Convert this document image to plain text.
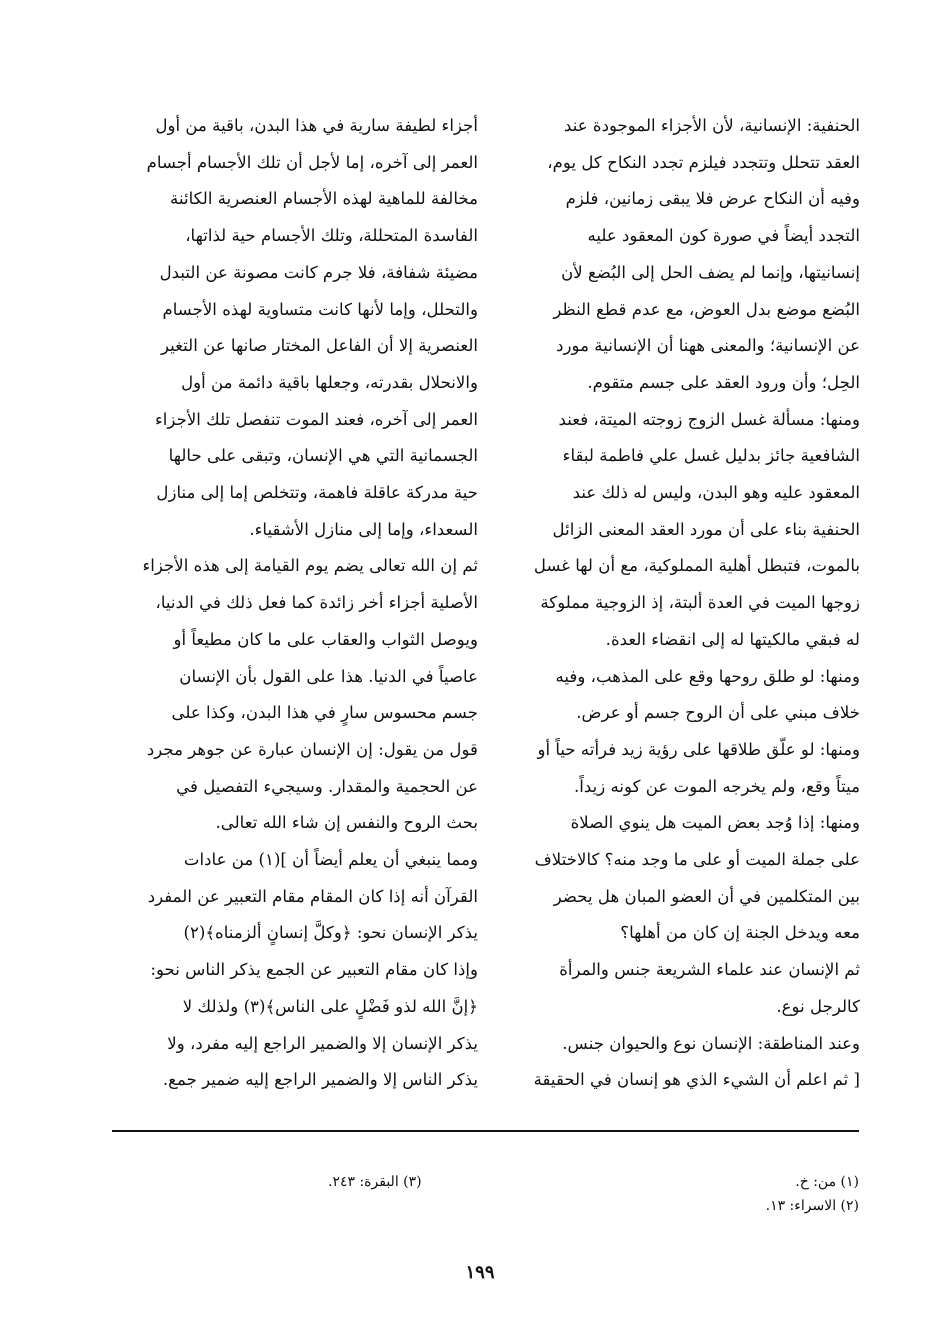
الحنفية: الإنسانية، لأن الأجزاء الموجودة عند
العقد تتحلل وتتجدد فيلزم تجدد النكاح كل يوم،
وفيه أن النكاح عرض فلا يبقى زمانين، فلزم
التجدد أيضاً في صورة كون المعقود عليه
إنسانيتها، وإنما لم يضف الحل إلى البُضع لأن
البُضع موضع بدل العوض، مع عدم قطع النظر
عن الإنسانية؛ والمعنى ههنا أن الإنسانية مورد
الحِل؛ وأن ورود العقد على جسم متقوم.
ومنها: مسألة غسل الزوج زوجته الميتة، فعند
الشافعية جائز بدليل غسل علي فاطمة لبقاء
المعقود عليه وهو البدن، وليس له ذلك عند
الحنفية بناء على أن مورد العقد المعنى الزائل
بالموت، فتبطل أهلية المملوكية، مع أن لها غسل
زوجها الميت في العدة ألبتة، إذ الزوجية مملوكة
له فبقي مالكيتها له إلى انقضاء العدة.
ومنها: لو طلق روحها وقع على المذهب، وفيه
خلاف مبني على أن الروح جسم أو عرض.
ومنها: لو علّق طلاقها على رؤية زيد فرأته حياً أو
ميتاً وقع، ولم يخرجه الموت عن كونه زيداً.
ومنها: إذا وُجد بعض الميت هل ينوي الصلاة
على جملة الميت أو على ما وجد منه؟ كالاختلاف
بين المتكلمين في أن العضو المبان هل يحضر
معه ويدخل الجنة إن كان من أهلها؟
ثم الإنسان عند علماء الشريعة جنس والمرأة
كالرجل نوع.
وعند المناطقة: الإنسان نوع والحيوان جنس.
[ ثم اعلم أن الشيء الذي هو إنسان في الحقيقة
أجزاء لطيفة سارية في هذا البدن، باقية من أول
العمر إلى آخره، إما لأجل أن تلك الأجسام أجسام
مخالفة للماهية لهذه الأجسام العنصرية الكائنة
الفاسدة المتحللة، وتلك الأجسام حية لذاتها،
مضيئة شفافة، فلا جرم كانت مصونة عن التبدل
والتحلل، وإما لأنها كانت متساوية لهذه الأجسام
العنصرية إلا أن الفاعل المختار صانها عن التغير
والانحلال بقدرته، وجعلها باقية دائمة من أول
العمر إلى آخره، فعند الموت تنفصل تلك الأجزاء
الجسمانية التي هي الإنسان، وتبقى على حالها
حية مدركة عاقلة فاهمة، وتتخلص إما إلى منازل
السعداء، وإما إلى منازل الأشقياء.
ثم إن الله تعالى يضم يوم القيامة إلى هذه الأجزاء
الأصلية أجزاء أخر زائدة كما فعل ذلك في الدنيا،
ويوصل الثواب والعقاب على ما كان مطيعاً أو
عاصياً في الدنيا. هذا على القول بأن الإنسان
جسم محسوس سارٍ في هذا البدن، وكذا على
قول من يقول: إن الإنسان عبارة عن جوهر مجرد
عن الحجمية والمقدار. وسيجيء التفصيل في
بحث الروح والنفس إن شاء الله تعالى.
ومما ينبغي أن يعلم أيضاً أن ](١) من عادات
القرآن أنه إذا كان المقام مقام التعبير عن المفرد
يذكر الإنسان نحو: ﴿وكلَّ إنسانٍ ألزمناه﴾(٢)
وإذا كان مقام التعبير عن الجمع يذكر الناس نحو:
﴿إنَّ الله لذو فَضْلٍ على الناس﴾(٣) ولذلك لا
يذكر الإنسان إلا والضمير الراجع إليه مفرد، ولا
يذكر الناس إلا والضمير الراجع إليه ضمير جمع.
(١) من: خ.
(٢) الاسراء: ١٣.
(٣) البقرة: ٢٤٣.
١٩٩
